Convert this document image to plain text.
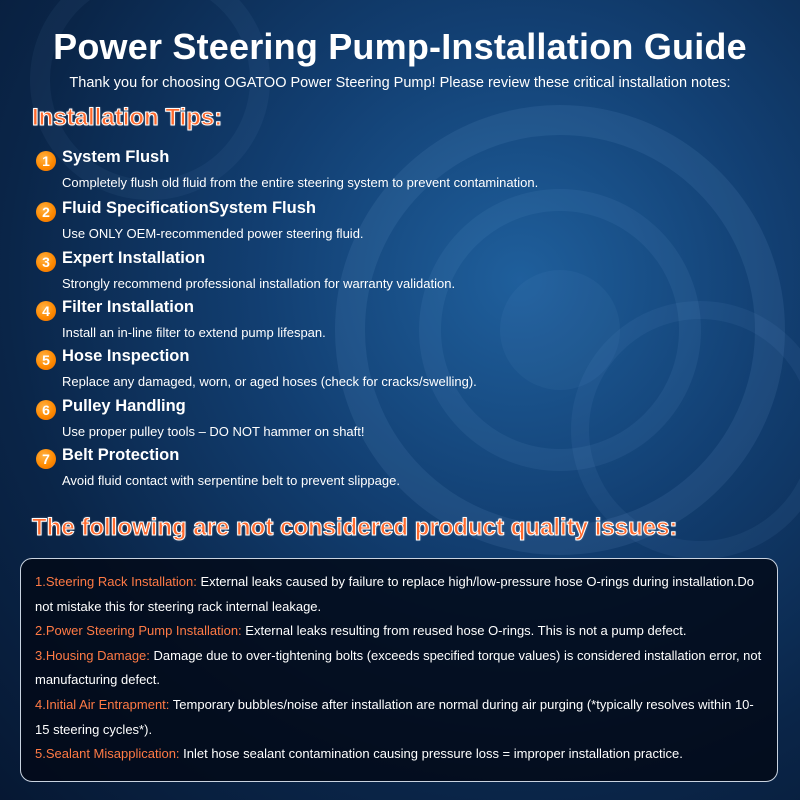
Power Steering Pump-Installation Guide
Thank you for choosing OGATOO Power Steering Pump! Please review these critical installation notes:
Installation Tips:
1 System Flush
Completely flush old fluid from the entire steering system to prevent contamination.
2 Fluid SpecificationSystem Flush
Use ONLY OEM-recommended power steering fluid.
3 Expert Installation
Strongly recommend professional installation for warranty validation.
4 Filter Installation
Install an in-line filter to extend pump lifespan.
5 Hose Inspection
Replace any damaged, worn, or aged hoses (check for cracks/swelling).
6 Pulley Handling
Use proper pulley tools – DO NOT hammer on shaft!
7 Belt Protection
Avoid fluid contact with serpentine belt to prevent slippage.
The following are not considered product quality issues:
1.Steering Rack Installation: External leaks caused by failure to replace high/low-pressure hose O-rings during installation.Do not mistake this for steering rack internal leakage.
2.Power Steering Pump Installation: External leaks resulting from reused hose O-rings. This is not a pump defect.
3.Housing Damage: Damage due to over-tightening bolts (exceeds specified torque values) is considered installation error, not manufacturing defect.
4.Initial Air Entrapment: Temporary bubbles/noise after installation are normal during air purging (*typically resolves within 10-15 steering cycles*).
5.Sealant Misapplication: Inlet hose sealant contamination causing pressure loss = improper installation practice.
